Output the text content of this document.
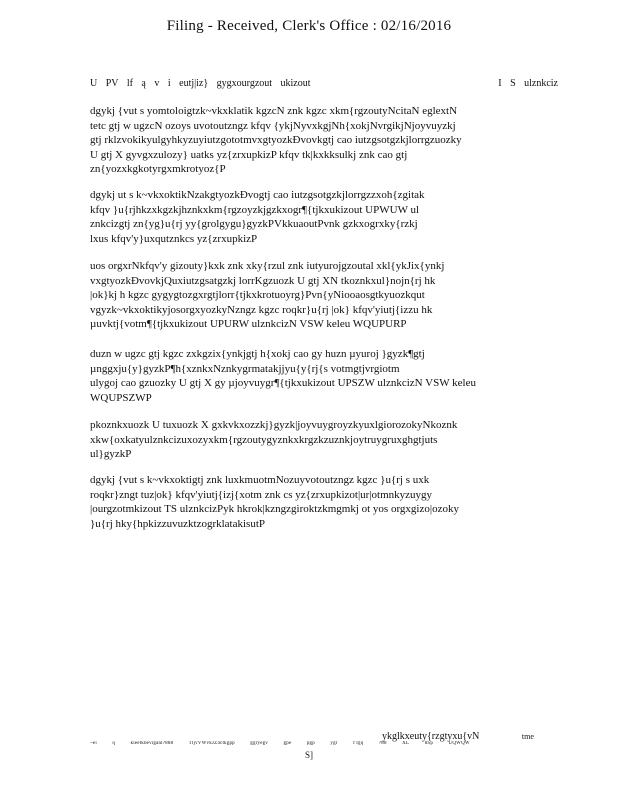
Filing - Received, Clerk's Office : 02/16/2016
U PV lf ą v i eutj|iz} gygxourgzout ukizout	I S ulznkciz
dgykj {vut s yomtoloigtzk~vkxklatik kgzcN znk kgzc xkm{rgzoutyNcitaN eglextN
tetc gtj w ugzcN ozoys uvotoutzngz kfqv {ykjNyvxkgjNh{xokjNvrgikjNjoyvuyzkj
gtj rklzvokikyulgyhkyzuyiutzgototmvxgtyozkÐvovkgtj cao iutzgsotgzkjlorrgzuozky
U gtj X gyvgxzulozy} uatks yz{zrxupkizP kfqv tk|kxkksulkj znk cao gtj
zn{yozxkgkotyrgxmkrotyoz{P
dgykj ut s k~vkxoktikNzakgtyozkÐvogtj cao iutzgsotgzkjlorrgzzxoh{zgitak
kfqv }u{rjhkzxkgzkjhznkxkm{rgzoyzkjgzkxogr¶{tjkxukizout UPWUW ul
znkcizgtj zn{yg}u{rj yy{grolgygu}gyzkPVkkuaoutPvnk gzkxogrxky{rzkj
lxus kfqv'y}uxqutznkcs yz{zrxupkizP
uos orgxrNkfqv'y gizouty}kxk znk xky{rzul znk iutyurojgzoutal xkl{ykJix{ynkj
vxgtyozkÐvovkjQuxiutzgsatgzkj lorrKgzuozk U gtj XN tkoznkxul}nojn{rj hk
|ok}kj h kgzc gygygtozgxrgtjlorr{tjkxkrotuoyrg}Pvn{yNiooaosgtkyuozkqut
vgyzk~vkxoktikyjosorgxyozkyNzngz kgzc roqkr}u{rj |ok} kfqv'yiutj{izzu hk
µuvktj{votm¶{tjkxukizout UPURW ulznkcizN VSW keleu WQUPURP
duzn w ugzc gtj kgzc zxkgzix{ynkjgtj h{xokj cao gy huzn µyuroj }gyzk¶gtj
µnggxju{y}gyzkP¶h{xznkxNznkygrmatakjjyu{y{rj{s votmgtjvrgiotm
ulygoj cao gzuozky U gtj X gy µjoyvuygr¶{tjkxukizout UPSZW ulznkcizN VSW keleu
WQUPSZWP
pkoznkxuozk U tuxuozk X gxkvkxozzkj}gyzk|joyvuygroyzkyuxlgiorozokyNkoznk
xkw{oxkatyulznkcizuxozyxkm{rgzoutygyznkxkrgzkzuznkjoytruygruxghgtjuts
ul}gyzkP
dgykj {vut s k~vkxoktigtj znk luxkmuotmNozuyvotoutzngz kgzc }u{rj s uxk
roqkr}zngt tuz|ok} kfqv'yiutj{izj{xotm znk cs yz{zrxupkizot|ur|otmnkyzuygy
|ourgzotmkizout TS ulznkcizPyk hkrok|kzngzgiroktzkmgmkj ot yos orgxgizo|ozoky
}u{rj hky{hpkizzuvuzktzogrklatakisutP
ykglkxeuty{rzgtyxu{vN	tme
~ei	q	kleetkbeviganl?888	TtjvVWvkJZ4ctkgpp	ggryegv	gpe	pgp	ygr	f tgq	?88	XL	8Sp	UQWQW
S]
